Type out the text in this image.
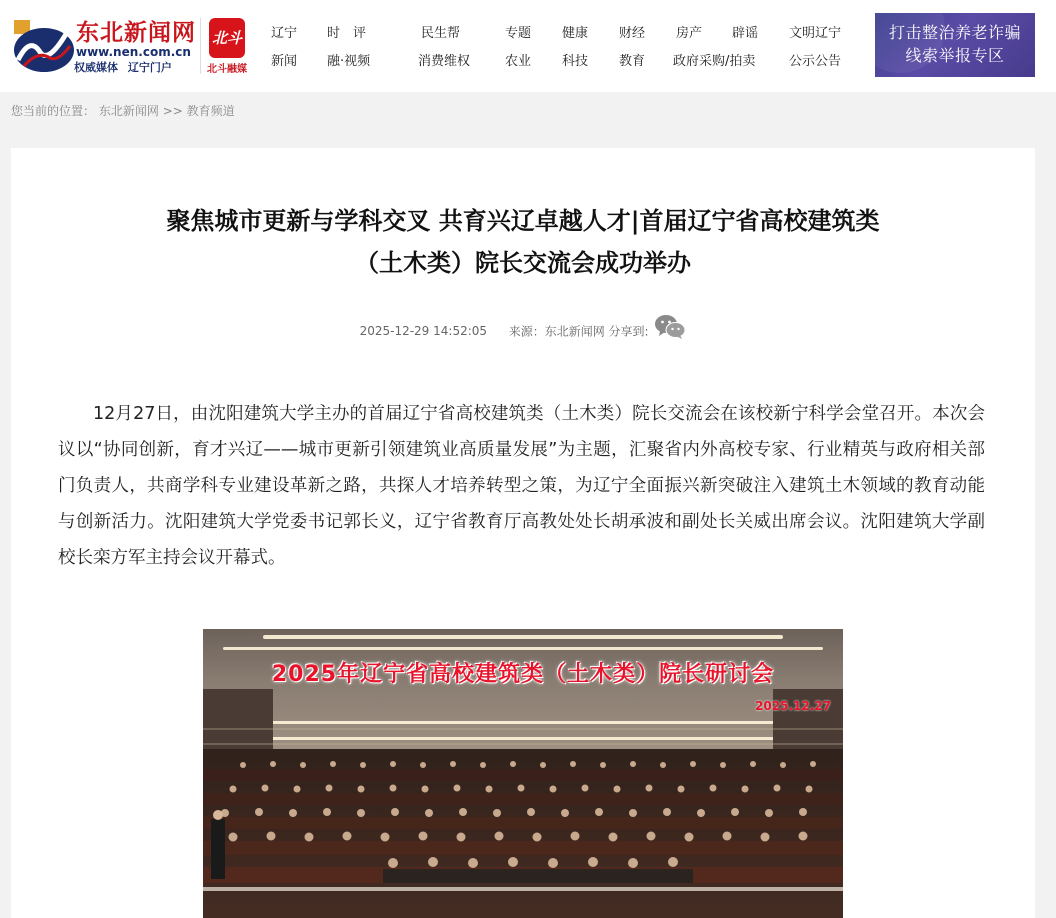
东北新闻网
www.nen.com.cn
权威媒体 辽宁门户
北斗
北斗融媒
辽宁 时　评	民生帮	专题 健康 财经 房产 辟谣 文明辽宁
新闻 融·视频	消费维权	农业 科技 教育 政府采购/拍卖	公示公告
打击整治养老诈骗
线索举报专区
您当前的位置： 东北新闻网 >> 教育频道
聚焦城市更新与学科交叉 共育兴辽卓越人才|首届辽宁省高校建筑类
（土木类）院长交流会成功举办
2025-12-29 14:52:05 来源：东北新闻网 分享到:

12月27日，由沈阳建筑大学主办的首届辽宁省高校建筑类（土木类）院长交流会在该校新宁科学会堂召开。本次会议以“协同创新，育才兴辽——城市更新引领建筑业高质量发展”为主题，汇聚省内外高校专家、行业精英与政府相关部门负责人，共商学科专业建设革新之路，共探人才培养转型之策，为辽宁全面振兴新突破注入建筑土木领域的教育动能与创新活力。沈阳建筑大学党委书记郭长义，辽宁省教育厅高教处处长胡承波和副处长关威出席会议。沈阳建筑大学副校长栾方军主持会议开幕式。

2025年辽宁省高校建筑类（土木类）院长研讨会
2025.12.27
